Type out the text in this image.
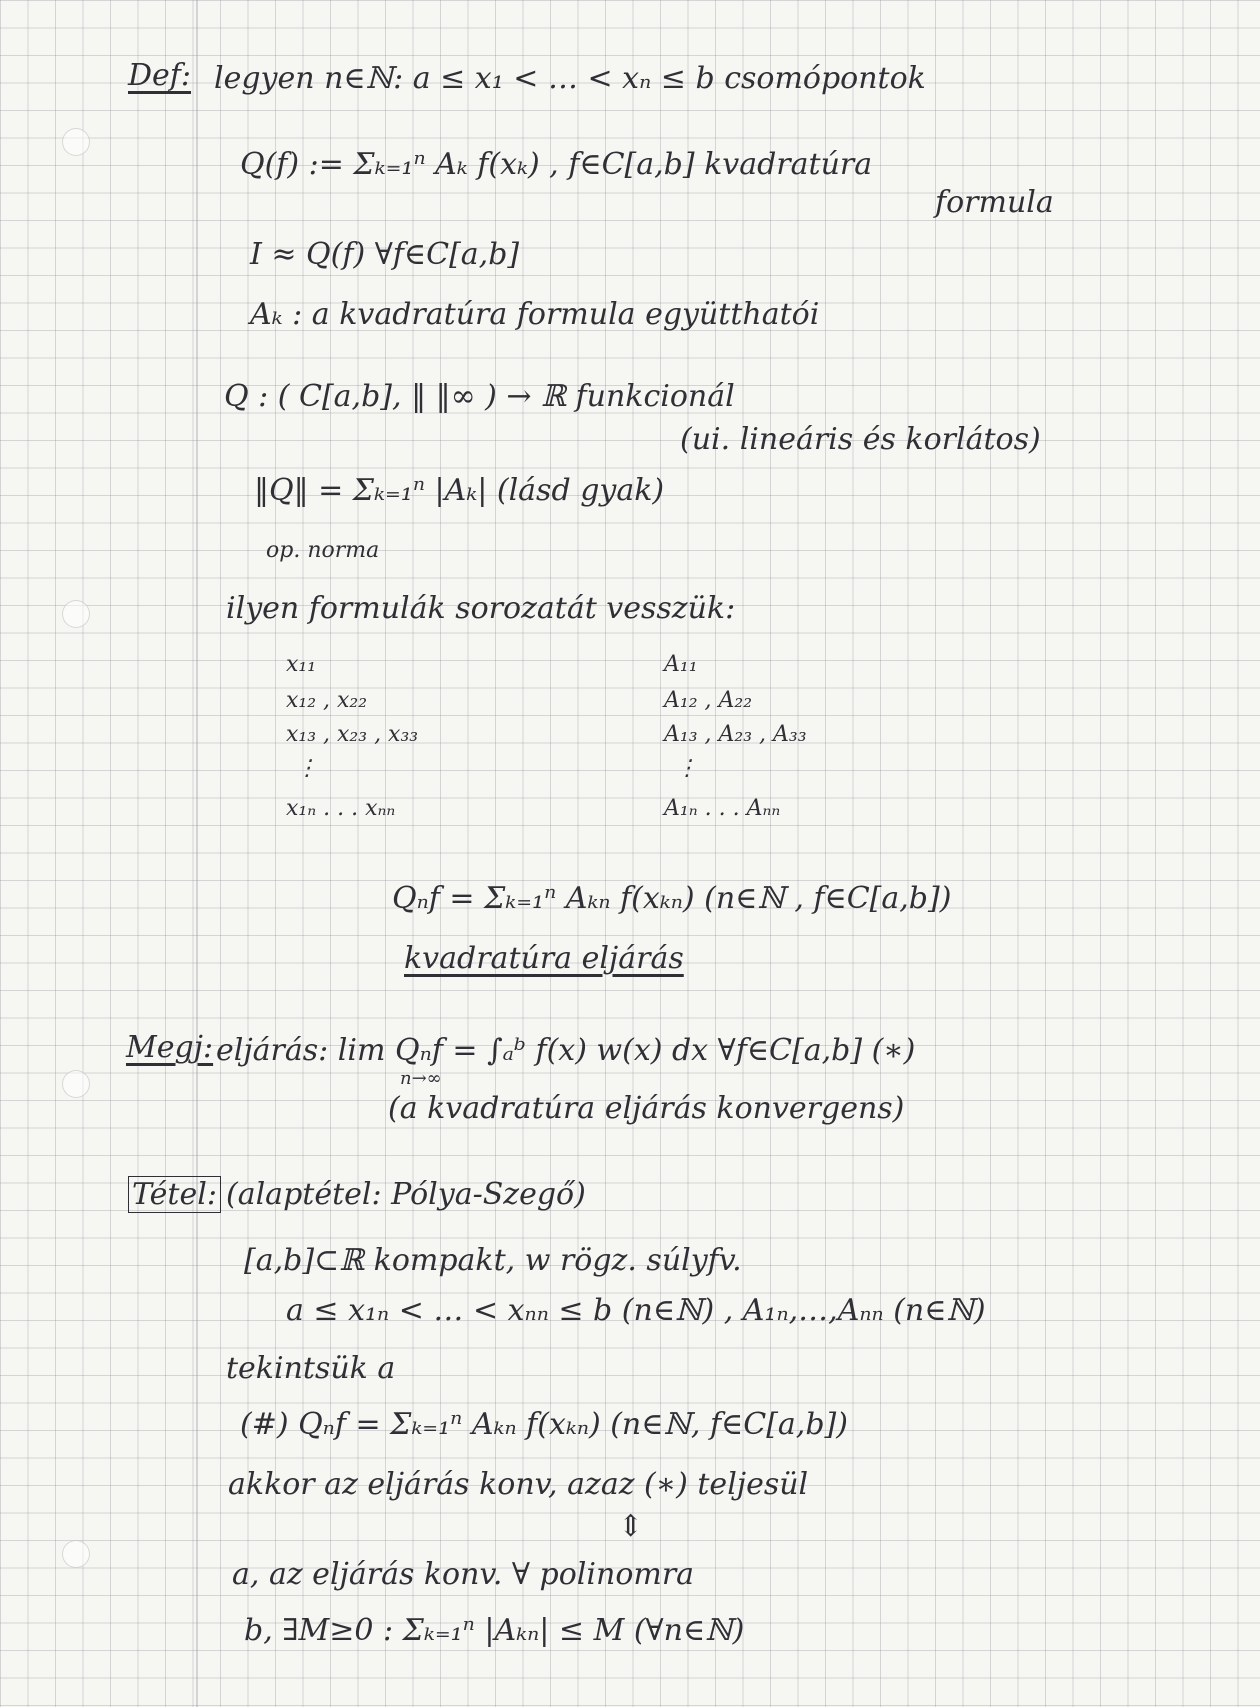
Def: legyen n∈ℕ: a ≤ x₁ < … < xₙ ≤ b csomópontok
Q(f) := Σₖ₌₁ⁿ Aₖ f(xₖ) , f∈C[a,b] kvadratúra
formula
I ≈ Q(f) ∀f∈C[a,b]
Aₖ : a kvadratúra formula együtthatói
Q : ( C[a,b], ‖ ‖∞ ) → ℝ funkcionál
(ui. lineáris és korlátos)
‖Q‖ = Σₖ₌₁ⁿ |Aₖ| (lásd gyak)
op. norma
ilyen formulák sorozatát vesszük:
x₁₁
x₁₂ , x₂₂
x₁₃ , x₂₃ , x₃₃
⋮
x₁ₙ . . . xₙₙ
A₁₁
A₁₂ , A₂₂
A₁₃ , A₂₃ , A₃₃
⋮
A₁ₙ . . . Aₙₙ
Qₙf = Σₖ₌₁ⁿ Aₖₙ f(xₖₙ) (n∈ℕ , f∈C[a,b])
kvadratúra eljárás
Megj: eljárás: lim Qₙf = ∫ₐᵇ f(x) w(x) dx ∀f∈C[a,b] (∗)
n→∞
(a kvadratúra eljárás konvergens)
Tétel: (alaptétel: Pólya-Szegő)
[a,b]⊂ℝ kompakt, w rögz. súlyfv.
a ≤ x₁ₙ < … < xₙₙ ≤ b (n∈ℕ) , A₁ₙ,…,Aₙₙ (n∈ℕ)
tekintsük a
(#) Qₙf = Σₖ₌₁ⁿ Aₖₙ f(xₖₙ) (n∈ℕ, f∈C[a,b])
akkor az eljárás konv, azaz (∗) teljesül
⇕
a, az eljárás konv. ∀ polinomra
b, ∃M≥0 : Σₖ₌₁ⁿ |Aₖₙ| ≤ M (∀n∈ℕ)
